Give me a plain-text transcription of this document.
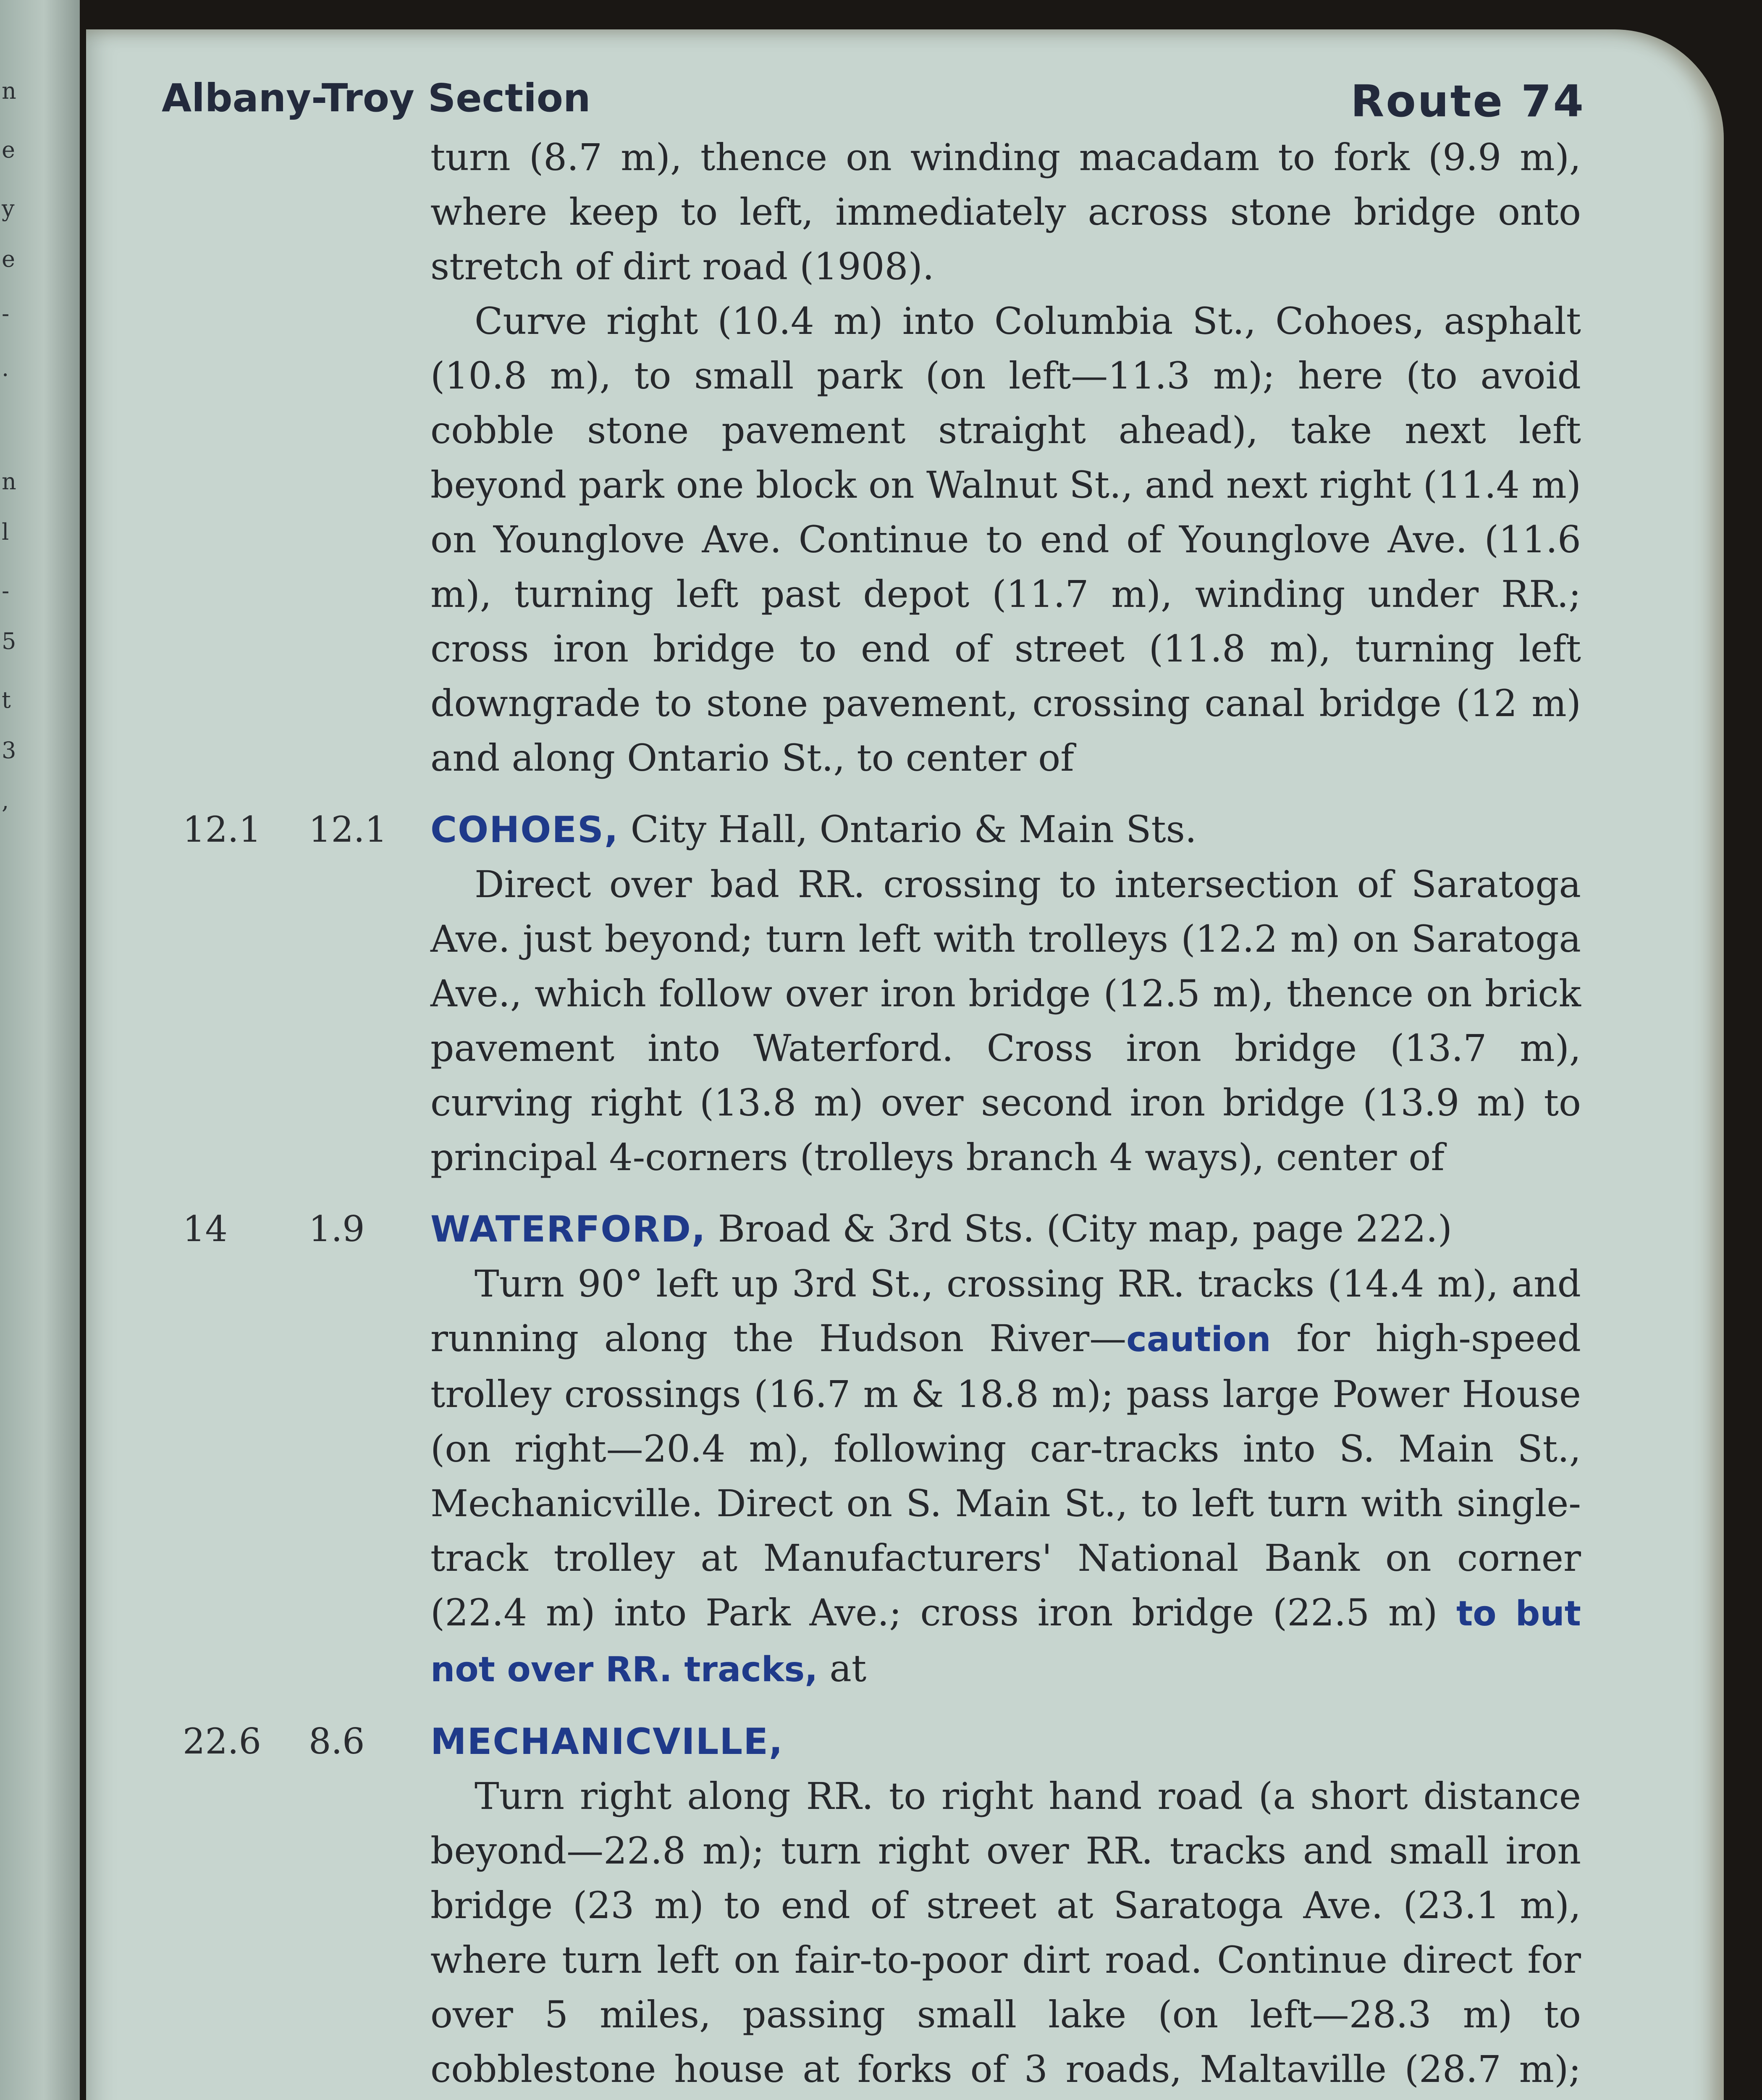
n
e
y
e
-
.
n
l
-
5
t
3
,
Albany-Troy Section	Route 74

turn (8.7 m), thence on winding macadam to fork (9.9 m), where keep to left, immediately across stone bridge onto stretch of dirt road (1908).

Curve right (10.4 m) into Columbia St., Cohoes, asphalt (10.8 m), to small park (on left—11.3 m); here (to avoid cobble stone pavement straight ahead), take next left beyond park one block on Walnut St., and next right (11.4 m) on Younglove Ave. Continue to end of Younglove Ave. (11.6 m), turning left past depot (11.7 m), winding under RR.; cross iron bridge to end of street (11.8 m), turning left downgrade to stone pavement, crossing canal bridge (12 m) and along Ontario St., to center of

12.1 12.1 COHOES, City Hall, Ontario & Main Sts.

Direct over bad RR. crossing to intersection of Saratoga Ave. just beyond; turn left with trolleys (12.2 m) on Saratoga Ave., which follow over iron bridge (12.5 m), thence on brick pavement into Waterford. Cross iron bridge (13.7 m), curving right (13.8 m) over second iron bridge (13.9 m) to principal 4-corners (trolleys branch 4 ways), center of

14	1.9	WATERFORD, Broad & 3rd Sts. (City map, page 222.)

Turn 90° left up 3rd St., crossing RR. tracks (14.4 m), and running along the Hudson River—caution for high-speed trolley crossings (16.7 m & 18.8 m); pass large Power House (on right—20.4 m), following car-tracks into S. Main St., Mechanicville. Direct on S. Main St., to left turn with single-track trolley at Manufacturers' National Bank on corner (22.4 m) into Park Ave.; cross iron bridge (22.5 m) to but not over RR. tracks, at

22.6 8.6	MECHANICVILLE,

Turn right along RR. to right hand road (a short distance beyond—22.8 m); turn right over RR. tracks and small iron bridge (23 m) to end of street at Saratoga Ave. (23.1 m), where turn left on fair-to-poor dirt road. Continue direct for over 5 miles, passing small lake (on left—28.3 m) to cobblestone house at forks of 3 roads, Maltaville (28.7 m);
